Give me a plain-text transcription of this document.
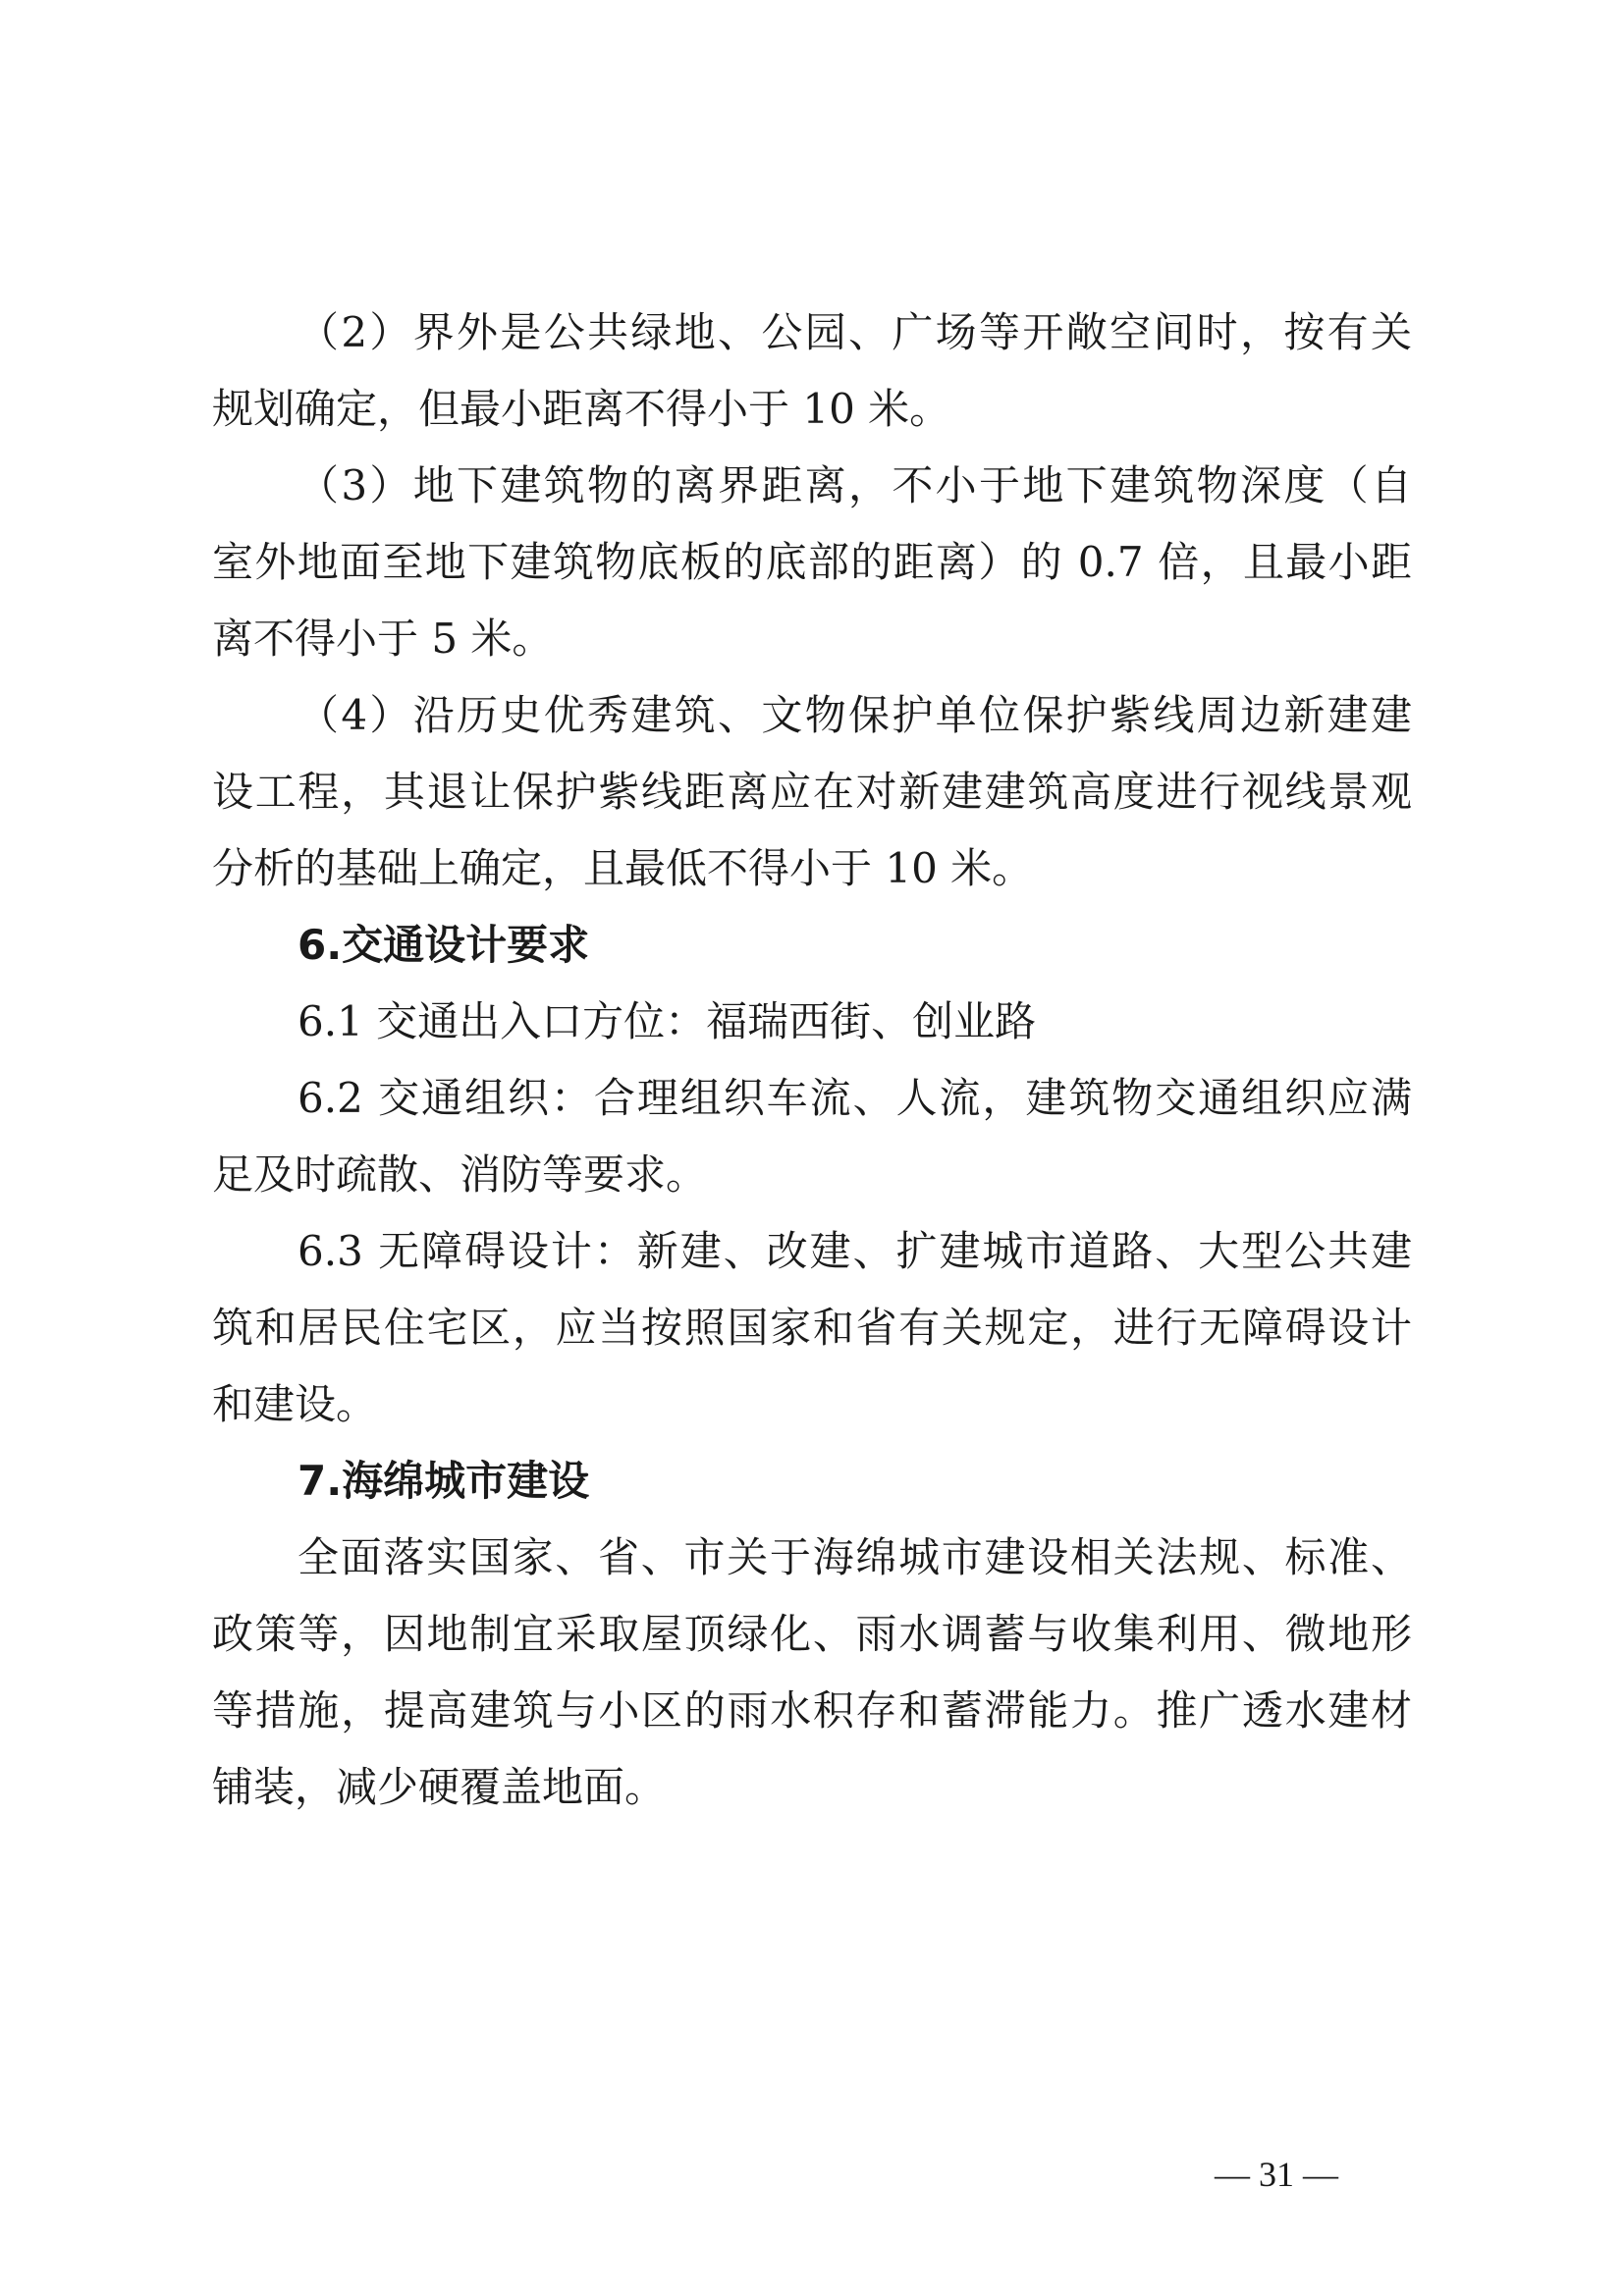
（2）界外是公共绿地、公园、广场等开敞空间时，按有关
规划确定，但最小距离不得小于 10 米。
（3）地下建筑物的离界距离，不小于地下建筑物深度（自
室外地面至地下建筑物底板的底部的距离）的 0.7 倍，且最小距
离不得小于 5 米。
（4）沿历史优秀建筑、文物保护单位保护紫线周边新建建
设工程，其退让保护紫线距离应在对新建建筑高度进行视线景观
分析的基础上确定，且最低不得小于 10 米。
6.交通设计要求
6.1 交通出入口方位：福瑞西街、创业路
6.2 交通组织：合理组织车流、人流，建筑物交通组织应满
足及时疏散、消防等要求。
6.3 无障碍设计：新建、改建、扩建城市道路、大型公共建
筑和居民住宅区，应当按照国家和省有关规定，进行无障碍设计
和建设。
7.海绵城市建设
全面落实国家、省、市关于海绵城市建设相关法规、标准、
政策等，因地制宜采取屋顶绿化、雨水调蓄与收集利用、微地形
等措施，提高建筑与小区的雨水积存和蓄滞能力。推广透水建材
铺装，减少硬覆盖地面。
— 31 —
